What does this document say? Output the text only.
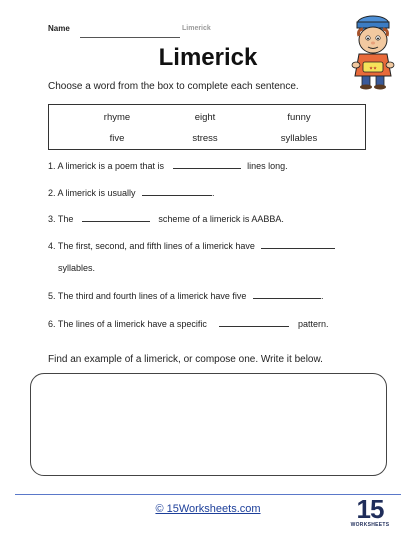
Name	Limerick
★★
Limerick
Choose a word from the box to complete each sentence.
rhyme	eight	funny
five	stress	syllables
1. A limerick is a poem that is	lines long.
2. A limerick is usually	.
3. The	scheme of a limerick is AABBA.
4. The first, second, and fifth lines of a limerick have
syllables.
5. The third and fourth lines of a limerick have five	.
6. The lines of a limerick have a specific	pattern.
Find an example of a limerick, or compose one. Write it below.
© 15Worksheets.com	15
WORKSHEETS
